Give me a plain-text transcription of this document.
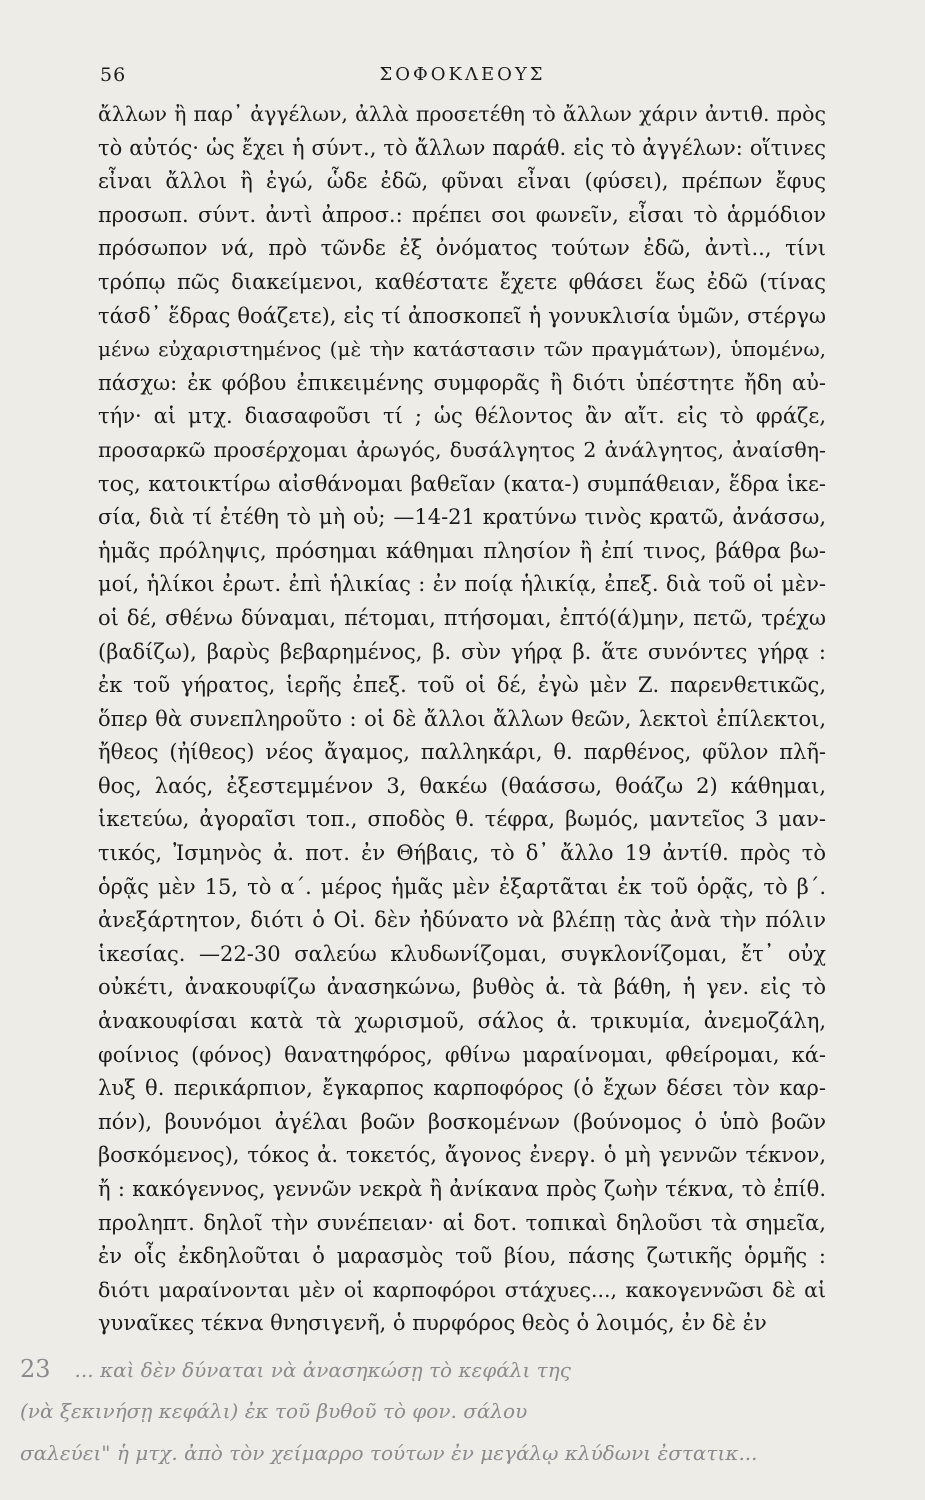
56	ΣΟΦΟΚΛΕΟΥΣ
ἄλλων ἢ παρ᾽ ἀγγέλων, ἀλλὰ προσετέθη τὸ ἄλλων χάριν ἀντιθ. πρὸς
τὸ αὐτός· ὡς ἔχει ἡ σύντ., τὸ ἄλλων παράθ. εἰς τὸ ἀγγέλων: οἵτινες
εἶναι ἄλλοι ἢ ἐγώ, ὧδε ἐδῶ, φῦναι εἶναι (φύσει), πρέπων ἔφυς
προσωπ. σύντ. ἀντὶ ἀπροσ.: πρέπει σοι φωνεῖν, εἶσαι τὸ ἁρμόδιον
πρόσωπον νά, πρὸ τῶνδε ἐξ ὀνόματος τούτων ἐδῶ, ἀντὶ.., τίνι
τρόπῳ πῶς διακείμενοι, καθέστατε ἔχετε φθάσει ἕως ἐδῶ (τίνας
τάσδ᾽ ἕδρας θοάζετε), εἰς τί ἀποσκοπεῖ ἡ γονυκλισία ὑμῶν, στέργω
μένω εὐχαριστημένος (μὲ τὴν κατάστασιν τῶν πραγμάτων), ὑπομένω,
πάσχω: ἐκ φόβου ἐπικειμένης συμφορᾶς ἢ διότι ὑπέστητε ἤδη αὐ-
τήν· αἱ μτχ. διασαφοῦσι τί ; ὡς θέλοντος ἂν αἴτ. εἰς τὸ φράζε,
προσαρκῶ προσέρχομαι ἀρωγός, δυσάλγητος 2 ἀνάλγητος, ἀναίσθη-
τος, κατοικτίρω αἰσθάνομαι βαθεῖαν (κατα-) συμπάθειαν, ἕδρα ἱκε-
σία, διὰ τί ἐτέθη τὸ μὴ οὐ; —14-21 κρατύνω τινὸς κρατῶ, ἀνάσσω,
ἡμᾶς πρόληψις, πρόσημαι κάθημαι πλησίον ἢ ἐπί τινος, βάθρα βω-
μοί, ἡλίκοι ἐρωτ. ἐπὶ ἡλικίας : ἐν ποίᾳ ἡλικίᾳ, ἐπεξ. διὰ τοῦ οἱ μὲν-
οἱ δέ, σθένω δύναμαι, πέτομαι, πτήσομαι, ἐπτό(ά)μην, πετῶ, τρέχω
(βαδίζω), βαρὺς βεβαρημένος, β. σὺν γήρᾳ β. ἅτε συνόντες γήρᾳ :
ἐκ τοῦ γήρατος, ἱερῆς ἐπεξ. τοῦ οἱ δέ, ἐγὼ μὲν Ζ. παρενθετικῶς,
ὅπερ θὰ συνεπληροῦτο : οἱ δὲ ἄλλοι ἄλλων θεῶν, λεκτοὶ ἐπίλεκτοι,
ἤθεος (ἠίθεος) νέος ἄγαμος, παλληκάρι, θ. παρθένος, φῦλον πλῆ-
θος, λαός, ἐξεστεμμένον 3, θακέω (θαάσσω, θοάζω 2) κάθημαι,
ἱκετεύω, ἀγοραῖσι τοπ., σποδὸς θ. τέφρα, βωμός, μαντεῖος 3 μαν-
τικός, Ἰσμηνὸς ἀ. ποτ. ἐν Θήβαις, τὸ δ᾽ ἄλλο 19 ἀντίθ. πρὸς τὸ
ὁρᾷς μὲν 15, τὸ α΄. μέρος ἡμᾶς μὲν ἐξαρτᾶται ἐκ τοῦ ὁρᾷς, τὸ β΄.
ἀνεξάρτητον, διότι ὁ Οἰ. δὲν ἠδύνατο νὰ βλέπῃ τὰς ἀνὰ τὴν πόλιν
ἱκεσίας. —22-30 σαλεύω κλυδωνίζομαι, συγκλονίζομαι, ἔτ᾽ οὐχ
οὐκέτι, ἀνακουφίζω ἀνασηκώνω, βυθὸς ἀ. τὰ βάθη, ἡ γεν. εἰς τὸ
ἀνακουφίσαι κατὰ τὰ χωρισμοῦ, σάλος ἀ. τρικυμία, ἀνεμοζάλη,
φοίνιος (φόνος) θανατηφόρος, φθίνω μαραίνομαι, φθείρομαι, κά-
λυξ θ. περικάρπιον, ἔγκαρπος καρποφόρος (ὁ ἔχων δέσει τὸν καρ-
πόν), βουνόμοι ἀγέλαι βοῶν βοσκομένων (βούνομος ὁ ὑπὸ βοῶν
βοσκόμενος), τόκος ἀ. τοκετός, ἄγονος ἐνεργ. ὁ μὴ γεννῶν τέκνον,
ἤ : κακόγεννος, γεννῶν νεκρὰ ἢ ἀνίκανα πρὸς ζωὴν τέκνα, τὸ ἐπίθ.
προληπτ. δηλοῖ τὴν συνέπειαν· αἱ δοτ. τοπικαὶ δηλοῦσι τὰ σημεῖα,
ἐν οἷς ἐκδηλοῦται ὁ μαρασμὸς τοῦ βίου, πάσης ζωτικῆς ὁρμῆς :
διότι μαραίνονται μὲν οἱ καρποφόροι στάχυες..., κακογεννῶσι δὲ αἱ
γυναῖκες τέκνα θνησιγενῆ, ὁ πυρφόρος θεὸς ὁ λοιμός, ἐν δὲ ἐν
23 ... καὶ δὲν δύναται νὰ ἀνασηκώσῃ τὸ κεφάλι της
(νὰ ξεκινήσῃ κεφάλι) ἐκ τοῦ βυθοῦ τὸ φον. σάλου
σαλεύει" ἡ μτχ. ἀπὸ τὸν χείμαρρο τούτων ἐν μεγάλῳ κλύδωνι ἐστατικ...
